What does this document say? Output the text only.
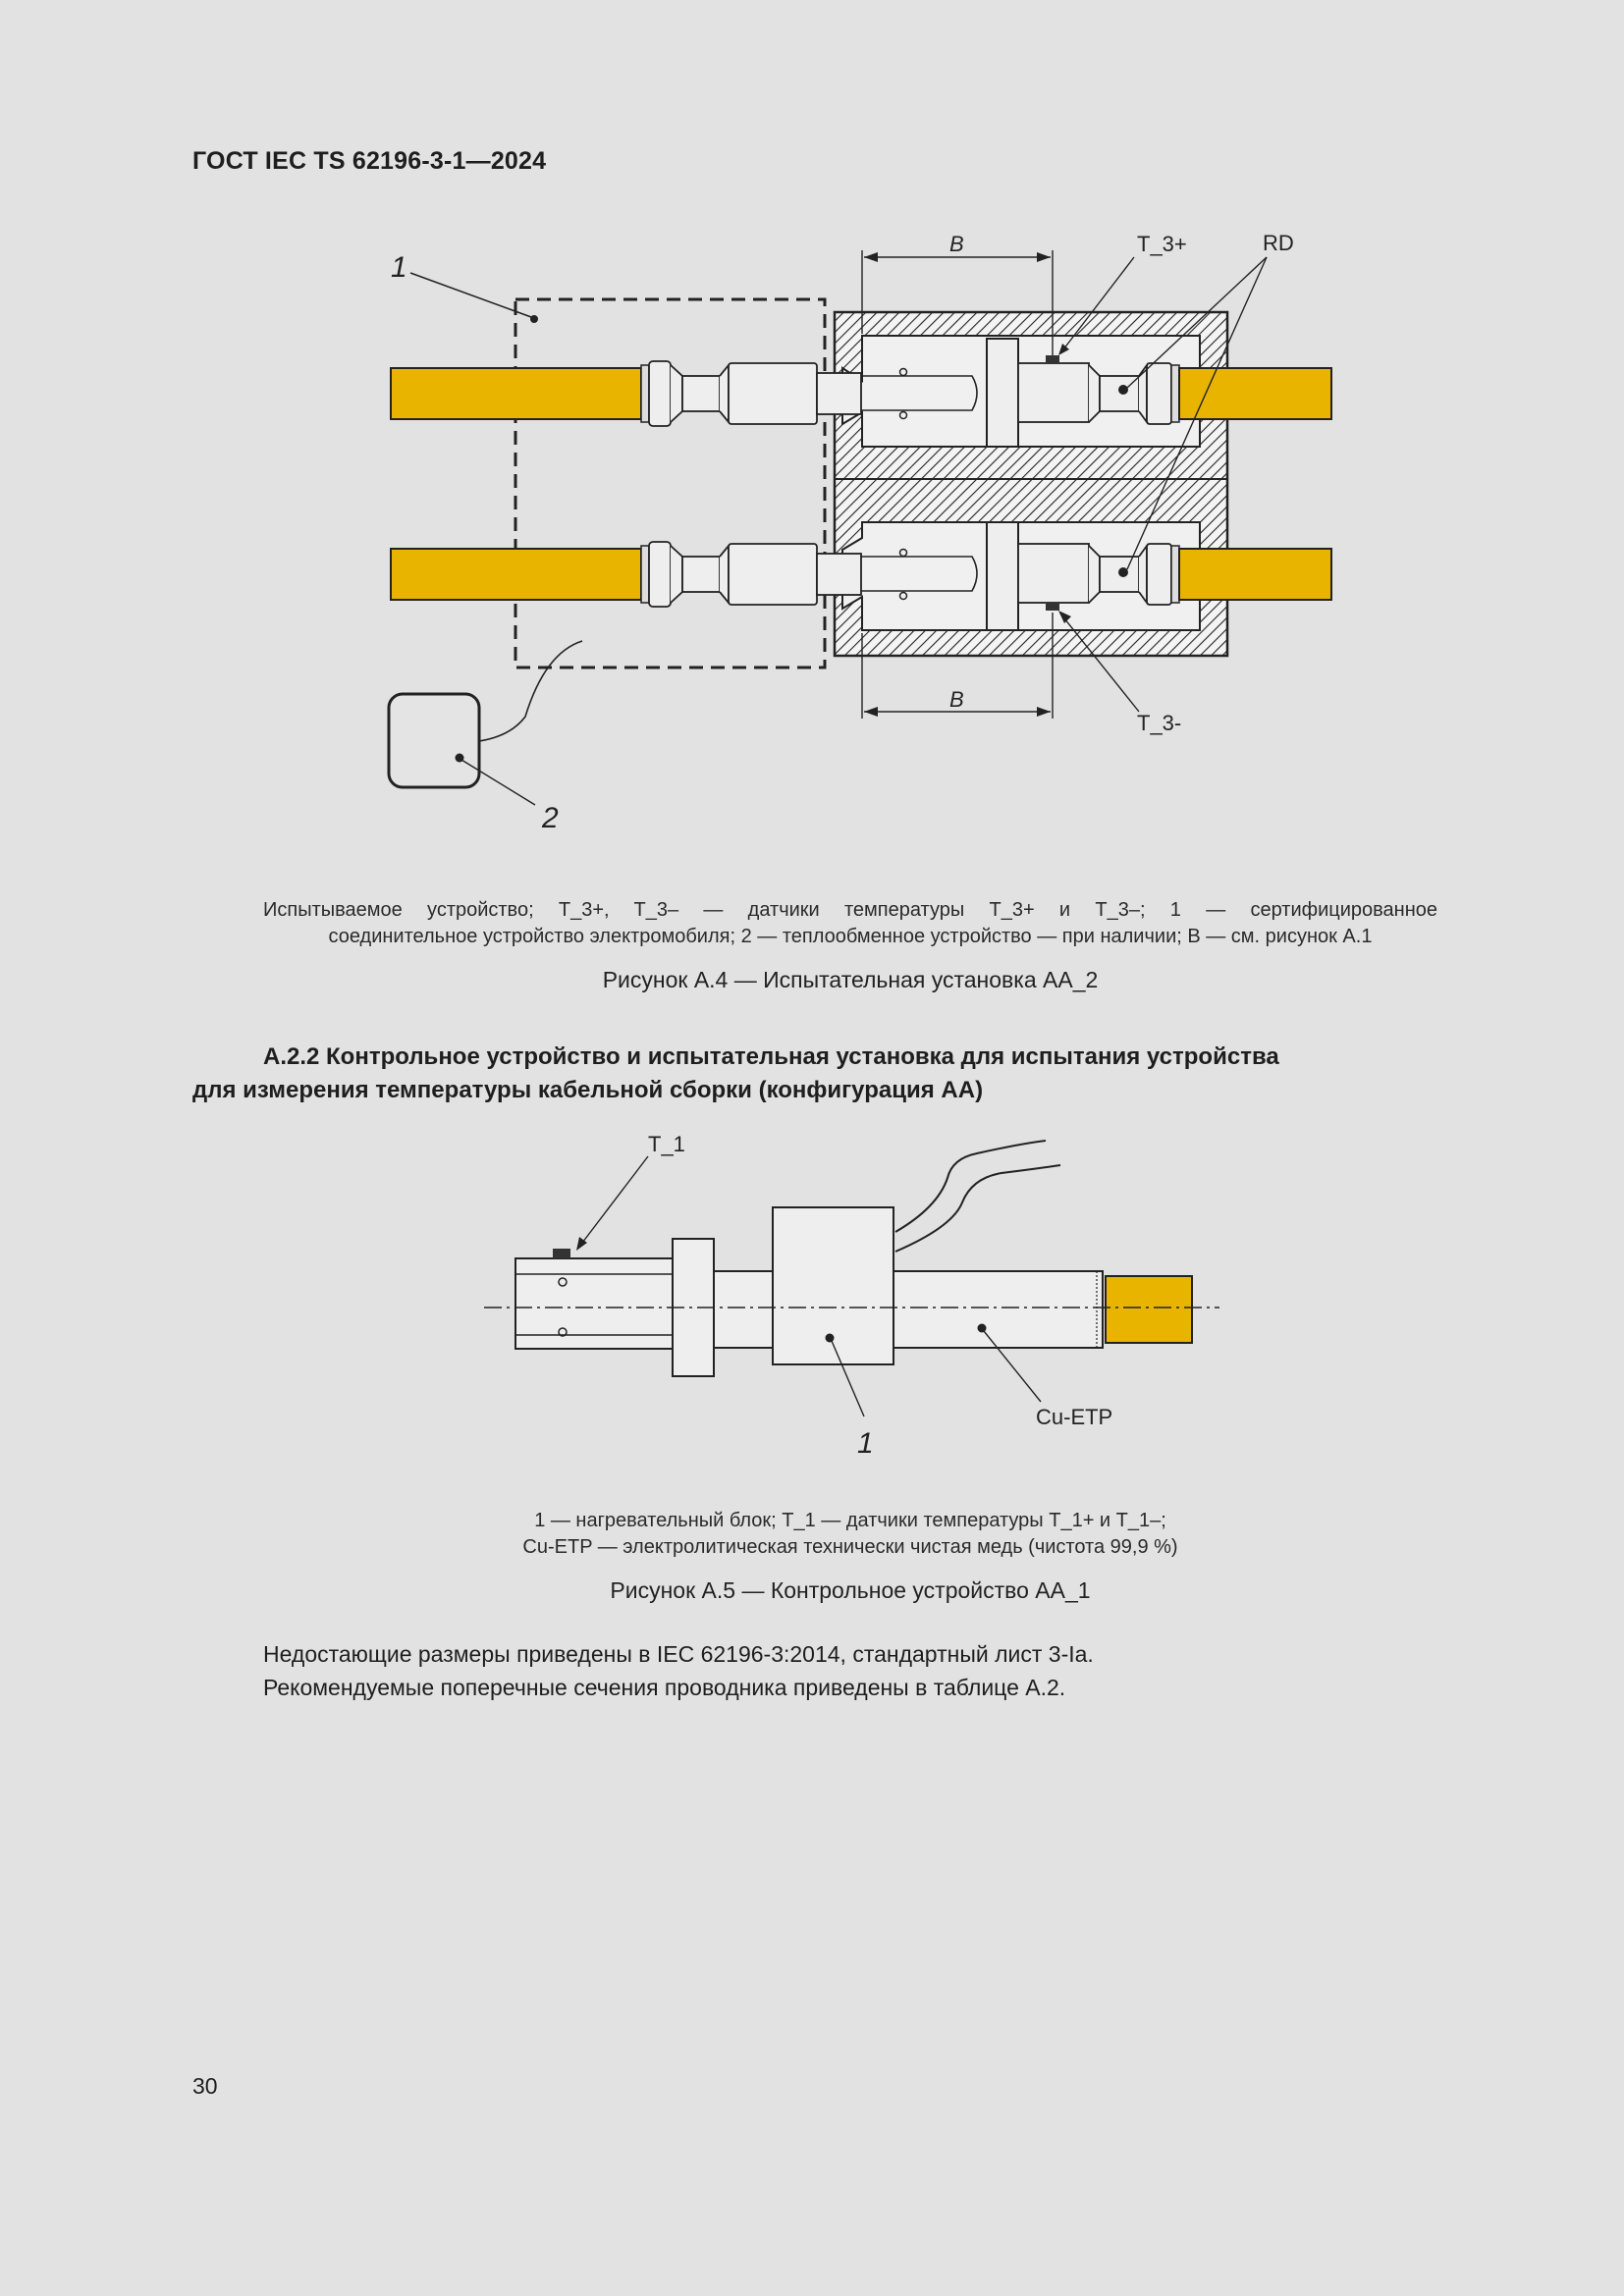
ГОСТ IEC TS 62196-3-1—2024
1
2
B
B
T_3+	RD
T_3-
Испытываемое устройство; T_3+, T_3– — датчики температуры T_3+ и T_3–; 1 — сертифицированное
соединительное устройство электромобиля; 2 — теплообменное устройство — при наличии; B — см. рисунок А.1
Рисунок А.4 — Испытательная установка AA_2
А.2.2 Контрольное устройство и испытательная установка для испытания устройства
для измерения температуры кабельной сборки (конфигурация AA)
T_1
1
Cu-ETP
1 — нагревательный блок; T_1 — датчики температуры T_1+ и T_1–;
Cu-ETP — электролитическая технически чистая медь (чистота 99,9 %)
Рисунок А.5 — Контрольное устройство AA_1
Недостающие размеры приведены в IEC 62196-3:2014, стандартный лист 3-Ia.
Рекомендуемые поперечные сечения проводника приведены в таблице А.2.
30
